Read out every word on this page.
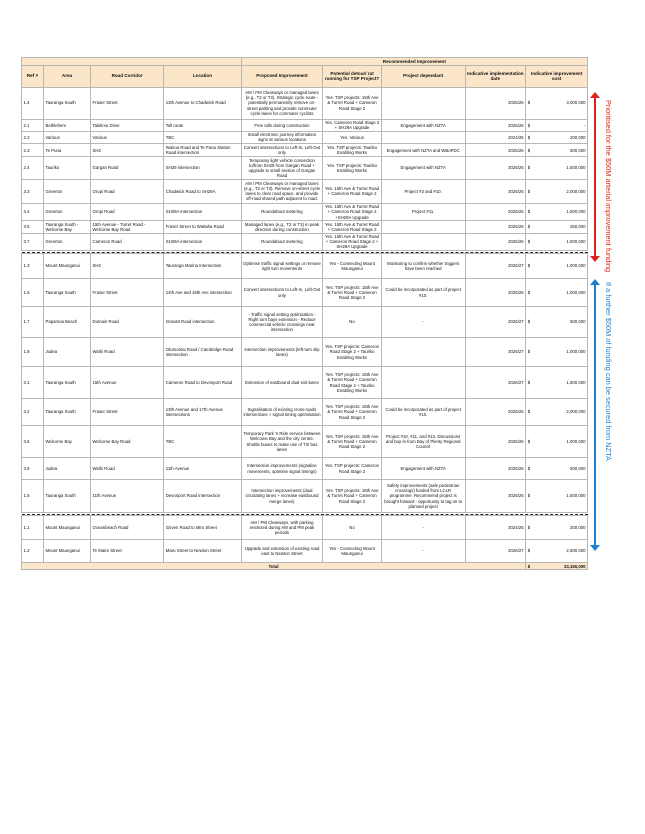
				Recommended Improvement				
Ref #	Area	Road Corridor	Location	Proposed Improvement	Potential detour/ rat running for TSP Project?	Project dependant	Indicative implementation date	Indicative improvement cost
1.4	Tauranga South	Fraser Street	13th Avenue to Chadwick Road	AM / PM Clearways or managed lanes (e.g., T2 or T3). Strategic cycle route - potentially permanently remove on-street parking and provide commuter cycle lanes for commuter cyclists	Yes. TSP projects: 15th Ave & Turret Road + Cameron Road Stage 2		2025/26	$ 3,000,000

2.1	Bethlehem	Takitimu Drive	Toll route	Free tolls during construction	Yes. Cameron Road Stage 2 + SH29A Upgrade	Engagement with NZTA	2025/26	$ -

2.2	Various	Various	TBC	Install electronic journey information signs at various locations	Yes. Various		2024/25	$ 200,000

2.3	Te Puna	SH2	Wairoa Road and Te Puna Station Road intersection	Convert intersections to Left-In, Left-Out only	Yes. TSP projects: Tauriko Enabling Works	Engagement with NZTA and WBoPDC	2025/26	$ 500,000

2.4	Tauriko	Gargan Road	SH29 intersection	Temporary light vehicle connection to/from SH29 from Gargan Road + upgrade to small section of Gargan Road	Yes. TSP projects: Tauriko Enabling Works	Engagement with NZTA	2025/26	$ 1,500,000

3.3	Greerton	Oropi Road	Chadwick Road to SH29A	AM / PM Clearways or managed lanes (e.g., T2 or T3). Remove on-street cycle lanes to clear road space, and provide off-road shared path adjacent to road.	Yes. 15th Ave & Turret Road + Cameron Road Stage 2	Project #3 and #10.	2025/26	$ 2,000,000

3.4	Greerton	Oropi Road	SH29A intersection	Roundabout metering	Yes. 15th Ave & Turret Road + Cameron Road Stage 2 +SH29A Upgrade	Project #11.	2025/26	$ 1,500,000

3.5	Tauranga South - Welcome Bay	15th Avenue - Turret Road - Welcome Bay Road	Fraser Street to Waitaha Road	Managed lanes (e.g., T2 or T3) in peak direction during construction	Yes. 15th Ave & Turret Road + Cameron Road Stage 2		2025/26	$ 250,000

3.7	Greerton	Cameron Road	SH29A intersection	Roundabout metering	Yes. 15th Ave & Turret Road + Cameron Road Stage 2 + SH29A Upgrade		2025/26	$ 1,500,000

1.3	Mount Maunganui	SH2	Tauranga Marina Intersection	Optimise traffic signal settings or remove right turn movements	Yes - Connecting Mount Maunganui	Monitoring to confirm whether triggers have been reached	2026/27	$ 1,000,000

1.6	Tauranga South	Fraser Street	14th Ave and 16th Ave intersection	Convert intersections to Left-In, Left-Out only	Yes. TSP projects: 15th Ave & Turret Road + Cameron Road Stage 2	Could be incorporated as part of project #10.	2025/26	$ 1,000,000

1.7	Papamoa Beach	Domain Road	Gravatt Road intersection	- Traffic signal setting optimisation - Right turn bays extension - Reduce commercial vehicle crossings near intersection	No	-	2026/27	$ 500,000

1.8	Judea	Waihi Road	Otumoetai Road / Cambridge Road intersection	Intersection improvements (left-turn slip lanes)	Yes. TSP projects: Cameron Road Stage 2 + Tauriko Enabling Works		2026/27	$ 1,000,000

3.1	Tauranga South	15th Avenue	Cameron Road to Devonport Road	Extension of eastbound dual exit lanes	Yes. TSP projects: 15th Ave & Turret Road + Cameron Road Stage 2 + Tauriko Enabling Works		2026/27	$ 1,500,000

3.2	Tauranga South	Fraser Street	13th Avenue and 17th Avenue intersections	Signalisation of existing cross-roads intersections + signal timing optimisation	Yes. TSP projects: 15th Ave & Turret Road + Cameron Road Stage 2	Could be incorporated as part of project #10.	2025/26	$ 2,000,000

3.6	Welcome Bay	Welcome Bay Road	TBC	Temporary Park 'n Ride service between Welcome Bay and the city centre. Shuttle buses to make use of T3/ bus lanes	Yes. TSP projects: 15th Ave & Turret Road + Cameron Road Stage 2	Project #10, #11, and #13. Discussions and buy-in from Bay of Plenty Regional Council	2025/26	$ 1,000,000

3.8	Judea	Waihi Road	11th Avenue	Intersection improvements (signalise movements, optimise signal timings)	Yes. TSP projects: Cameron Road Stage 2	Engagement with NZTA	2025/26	$ 500,000

1.5	Tauranga South	11th Avenue	Devonport Road intersection	Intersection improvements (dual circulating lanes + increase eastbound merge lanes)	Yes. TSP projects: 15th Ave & Turret Road + Cameron Road Stage 2	Safety improvements (safe pedestrian crossings) funded from LCLR programme. Recommend project is brought forward - opportunity to tag on to planned project	2025/26	$ 1,500,000

1.1	Mount Maunganui	Oceanbeach Road	Girven Road to Miro Street	AM / PM Clearways, with parking restricted during AM and PM peak periods	No	-	2024/25	$ 200,000

1.2	Mount Maunganui	Te Maire Street	Maru Street to Newton Street	Upgrade and extension of existing road east to Newton Street	Yes - Connecting Mount Maunganui	-	2026/27	$ 2,500,000

Total								$ 23,150,000
Prioritised for the $50M arterial improvement funding
If a further $50M of funding can be secured from NZTA
